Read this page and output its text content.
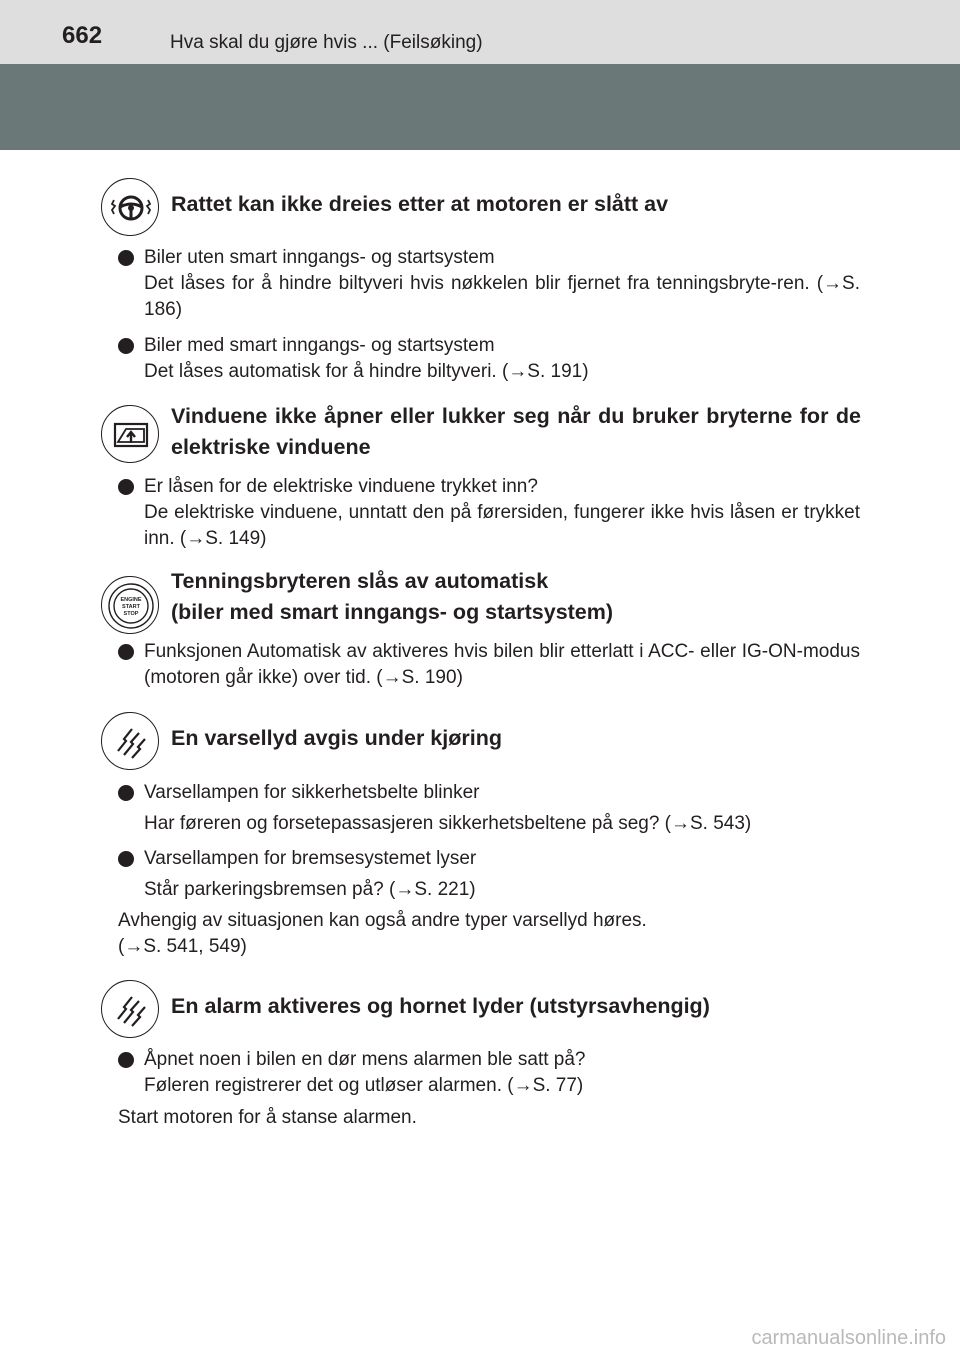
662	Hva skal du gjøre hvis ... (Feilsøking)
Rattet kan ikke dreies etter at motoren er slått av
Biler uten smart inngangs- og startsystem
Det låses for å hindre biltyveri hvis nøkkelen blir fjernet fra tenningsbryte-ren. (→S. 186)
Biler med smart inngangs- og startsystem
Det låses automatisk for å hindre biltyveri. (→S. 191)
Vinduene ikke åpner eller lukker seg når du bruker bryterne for de elektriske vinduene
Er låsen for de elektriske vinduene trykket inn?
De elektriske vinduene, unntatt den på førersiden, fungerer ikke hvis låsen er trykket inn. (→S. 149)
ENGINE
START
STOP
Tenningsbryteren slås av automatisk
(biler med smart inngangs- og startsystem)
Funksjonen Automatisk av aktiveres hvis bilen blir etterlatt i ACC- eller IG-ON-modus (motoren går ikke) over tid. (→S. 190)
En varsellyd avgis under kjøring
Varsellampen for sikkerhetsbelte blinker
Har føreren og forsetepassasjeren sikkerhetsbeltene på seg? (→S. 543)
Varsellampen for bremsesystemet lyser
Står parkeringsbremsen på? (→S. 221)
Avhengig av situasjonen kan også andre typer varsellyd høres.
(→S. 541, 549)
En alarm aktiveres og hornet lyder (utstyrsavhengig)
Åpnet noen i bilen en dør mens alarmen ble satt på?
Føleren registrerer det og utløser alarmen. (→S. 77)
Start motoren for å stanse alarmen.
carmanualsonline.info
